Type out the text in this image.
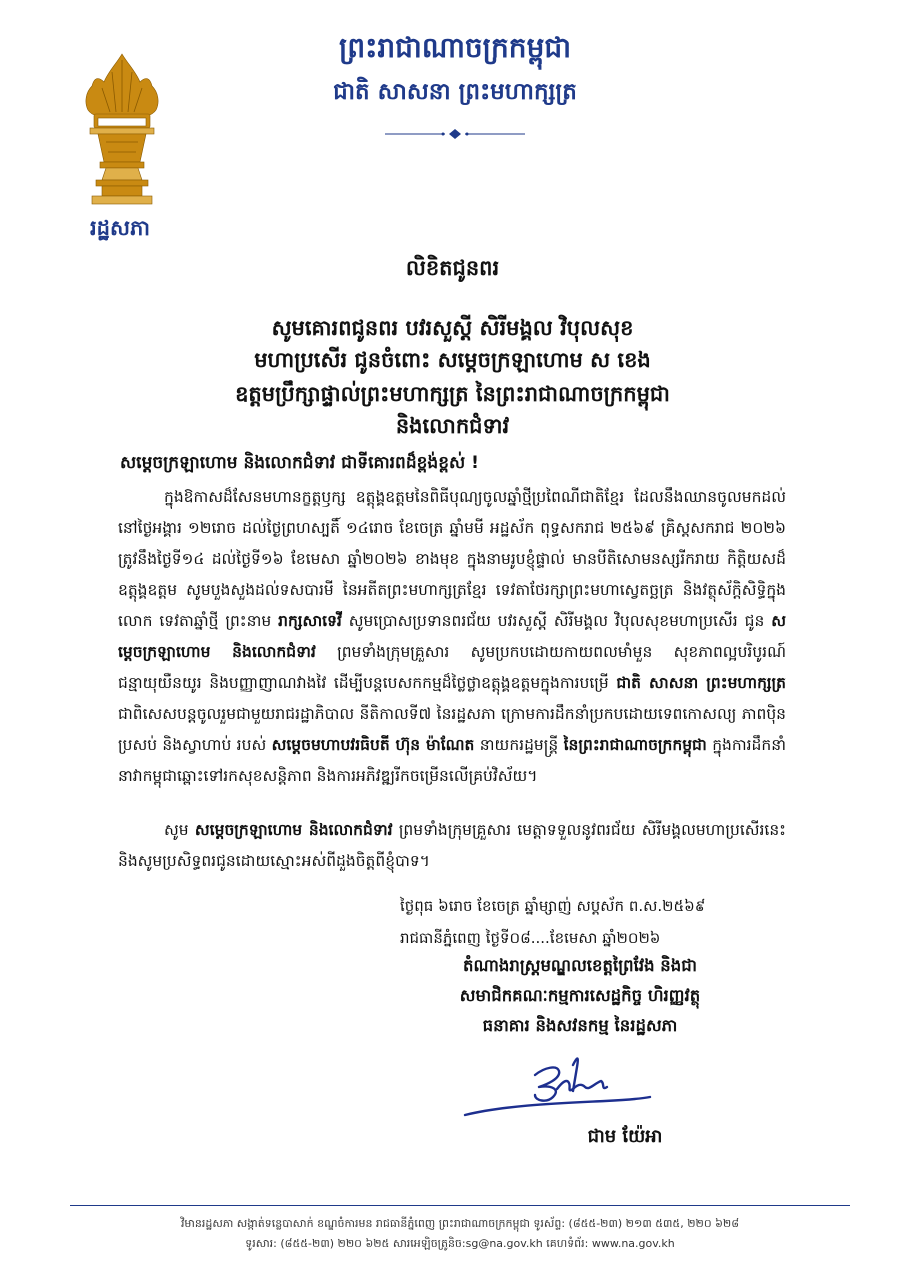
រដ្ឋសភា
ព្រះរាជាណាចក្រកម្ពុជា
ជាតិ សាសនា ព្រះមហាក្សត្រ
លិខិតជូនពរ
សូមគោរពជូនពរ បវរសួស្តី សិរីមង្គល វិបុលសុខ
មហាប្រសើរ ជូនចំពោះ សម្តេចក្រឡាហោម ស ខេង
ឧត្តមប្រឹក្សាផ្ទាល់ព្រះមហាក្សត្រ នៃព្រះរាជាណាចក្រកម្ពុជា
និងលោកជំទាវ
សម្តេចក្រឡាហោម និងលោកជំទាវ ជាទីគោរពដ៏ខ្ពង់ខ្ពស់ !
ក្នុងឱកាសដ៏សែនមហានក្ខត្តឫក្ស ឧត្តុង្គឧត្តមនៃពិធីបុណ្យចូលឆ្នាំថ្មីប្រពៃណីជាតិខ្មែរ ដែលនឹងឈានចូលមកដល់នៅថ្ងៃអង្គារ ១២រោច ដល់ថ្ងៃព្រហស្បតិ៍ ១៤រោច ខែចេត្រ ឆ្នាំមមី អដ្ឋស័ក ពុទ្ធសករាជ ២៥៦៩ គ្រិស្តសករាជ ២០២៦ ត្រូវនឹងថ្ងៃទី១៤ ដល់ថ្ងៃទី១៦ ខែមេសា ឆ្នាំ២០២៦ ខាងមុខ ក្នុងនាមរូបខ្ញុំផ្ទាល់ មានបីតិសោមនស្សរីករាយ កិត្តិយសដ៏ឧត្តុង្គឧត្តម សូមបួងសួងដល់ទសបារមី នៃអតីតព្រះមហាក្សត្រខ្មែរ ទេវតាថែរក្សាព្រះមហាស្វេតច្ឆត្រ និងវត្ថុស័ក្តិសិទ្ធិក្នុងលោក ទេវតាឆ្នាំថ្មី ព្រះនាម រាក្សសាទេវី សូមប្រោសប្រទានពរជ័យ បវរសួស្តី សិរីមង្គល វិបុលសុខមហាប្រសើរ ជូន សម្តេចក្រឡាហោម និងលោកជំទាវ ព្រមទាំងក្រុមគ្រួសារ សូមប្រកបដោយកាយពលមាំមួន សុខភាពល្អបរិបូរណ៍ ជន្មាយុយឺនយូរ និងបញ្ញាញាណវាងវៃ ដើម្បីបន្តបេសកកម្មដ៏ថ្លៃថ្លាឧត្តុង្គឧត្តមក្នុងការបម្រើ ជាតិ សាសនា ព្រះមហាក្សត្រ ជាពិសេសបន្តចូលរួមជាមួយរាជរដ្ឋាភិបាល នីតិកាលទី៧ នៃរដ្ឋសភា ក្រោមការដឹកនាំប្រកបដោយទេពកោសល្យ ភាពប៉ិនប្រសប់ និងស្វាហាប់ របស់ សម្តេចមហាបវរធិបតី ហ៊ុន ម៉ាណែត នាយករដ្ឋមន្ត្រី នៃព្រះរាជាណាចក្រកម្ពុជា ក្នុងការដឹកនាំនាវាកម្ពុជាឆ្ពោះទៅរកសុខសន្តិភាព និងការអភិវឌ្ឍរីកចម្រើនលើគ្រប់វិស័យ។
សូម សម្តេចក្រឡាហោម និងលោកជំទាវ ព្រមទាំងក្រុមគ្រួសារ មេត្តាទទួលនូវពរជ័យ សិរីមង្គលមហាប្រសើរនេះ និងសូមប្រសិទ្ធពរជូនដោយស្មោះអស់ពីដួងចិត្តពីខ្ញុំបាទ។
ថ្ងៃពុធ ៦រោច ខែចេត្រ ឆ្នាំម្សាញ់ សប្តស័ក ព.ស.២៥៦៩
រាជធានីភ្នំពេញ ថ្ងៃទី០៨....ខែមេសា ឆ្នាំ២០២៦
តំណាងរាស្ត្រមណ្ឌលខេត្តព្រៃវែង និងជា
សមាជិកគណៈកម្មការសេដ្ឋកិច្ច ហិរញ្ញវត្ថុ
ធនាគារ និងសវនកម្ម នៃរដ្ឋសភា
ជាម យ៉ែអា
វិមានរដ្ឋសភា សង្កាត់ទន្លេបាសាក់ ខណ្ឌចំការមន រាជធានីភ្នំពេញ ព្រះរាជាណាចក្រកម្ពុជា ទូរស័ព្ទ: (៨៥៥-២៣) ២១៣ ៥៣៥, ២២០ ៦២៨
ទូរសារ: (៨៥៥-២៣) ២២០ ៦២៥ សារអេឡិចត្រូនិច:sg@na.gov.kh គេហទំព័រ: www.na.gov.kh
